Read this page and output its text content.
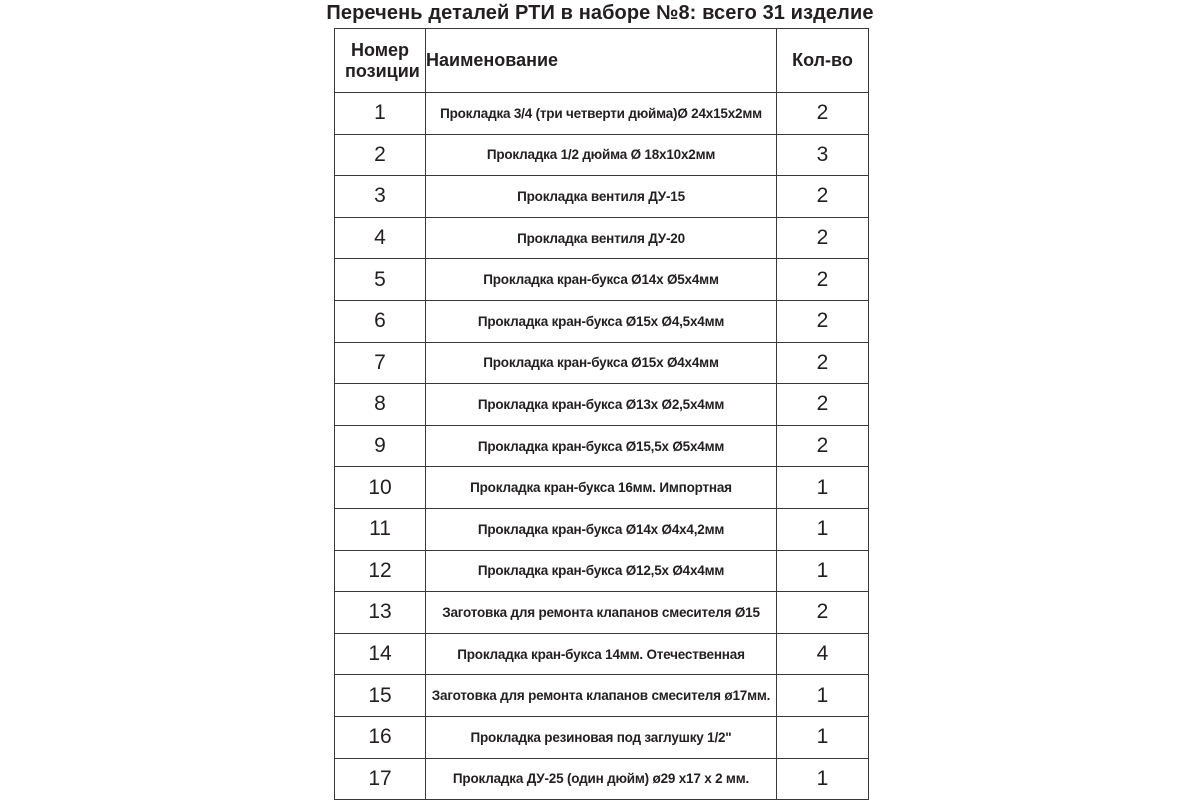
Перечень деталей РТИ в наборе №8: всего 31 изделие
Номер позиции	Наименование	Кол-во
1	Прокладка 3/4 (три четверти дюйма)Ø 24х15х2мм	2
2	Прокладка 1/2 дюйма Ø 18х10х2мм	3
3	Прокладка вентиля ДУ-15	2
4	Прокладка вентиля ДУ-20	2
5	Прокладка кран-букса Ø14х Ø5х4мм	2
6	Прокладка кран-букса Ø15х Ø4,5х4мм	2
7	Прокладка кран-букса Ø15х Ø4х4мм	2
8	Прокладка кран-букса Ø13х Ø2,5х4мм	2
9	Прокладка кран-букса Ø15,5х Ø5х4мм	2
10	Прокладка кран-букса 16мм. Импортная	1
11	Прокладка кран-букса Ø14х Ø4х4,2мм	1
12	Прокладка кран-букса Ø12,5х Ø4х4мм	1
13	Заготовка для ремонта клапанов смесителя Ø15	2
14	Прокладка кран-букса 14мм. Отечественная	4
15	Заготовка для ремонта клапанов смесителя ø17мм.	1
16	Прокладка резиновая под заглушку 1/2"	1
17	Прокладка ДУ-25 (один дюйм) ø29 х17 х 2 мм.	1
